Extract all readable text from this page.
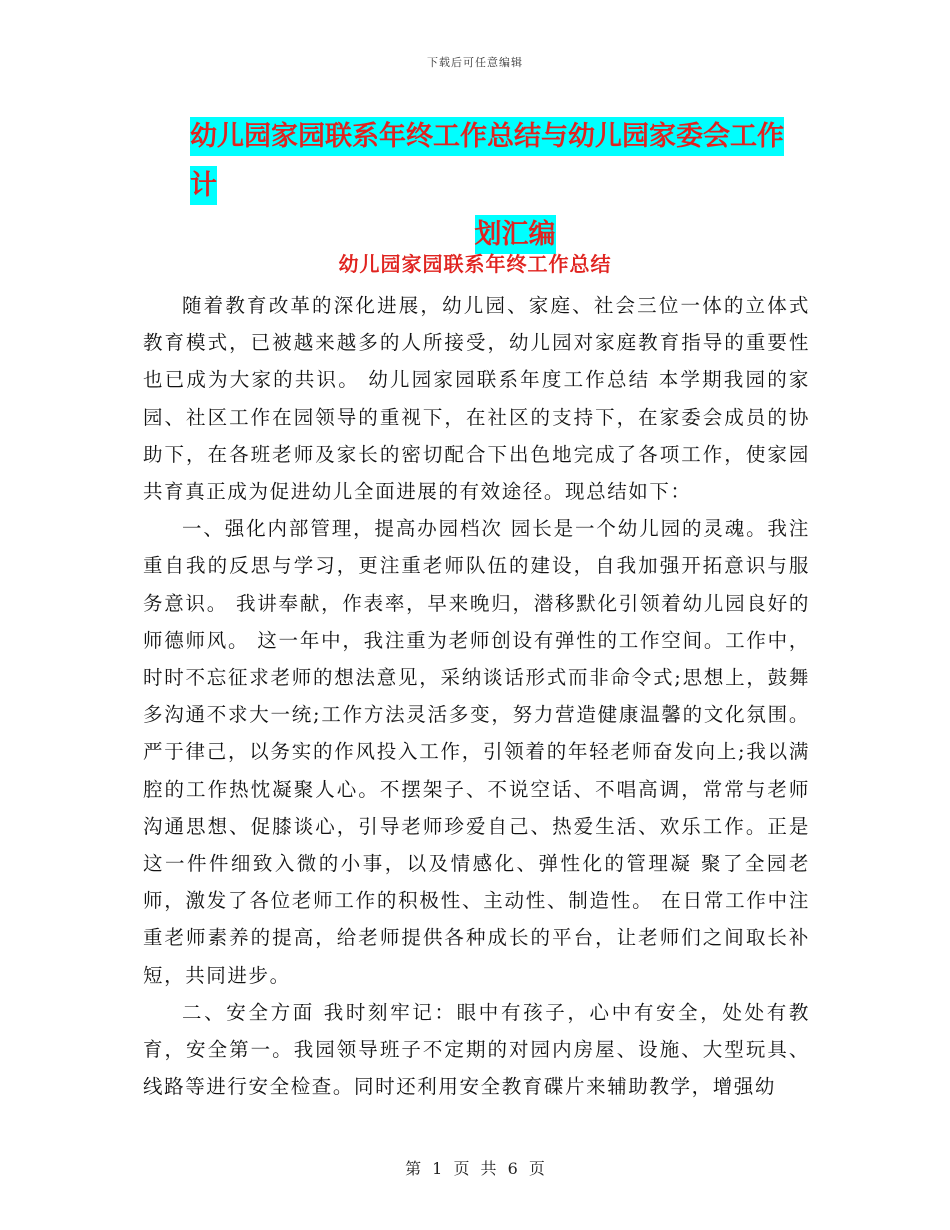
下载后可任意编辑
幼儿园家园联系年终工作总结与幼儿园家委会工作计
划汇编
幼儿园家园联系年终工作总结

随着教育改革的深化进展，幼儿园、家庭、社会三位一体的立体式教育模式，已被越来越多的人所接受，幼儿园对家庭教育指导的重要性也已成为大家的共识。 幼儿园家园联系年度工作总结 本学期我园的家园、社区工作在园领导的重视下，在社区的支持下，在家委会成员的协助下，在各班老师及家长的密切配合下出色地完成了各项工作，使家园共育真正成为促进幼儿全面进展的有效途径。现总结如下：

一、强化内部管理，提高办园档次 园长是一个幼儿园的灵魂。我注重自我的反思与学习，更注重老师队伍的建设，自我加强开拓意识与服务意识。 我讲奉献，作表率，早来晚归，潜移默化引领着幼儿园良好的师德师风。 这一年中，我注重为老师创设有弹性的工作空间。工作中，时时不忘征求老师的想法意见，采纳谈话形式而非命令式;思想上，鼓舞多沟通不求大一统;工作方法灵活多变，努力营造健康温馨的文化氛围。严于律己，以务实的作风投入工作，引领着的年轻老师奋发向上;我以满腔的工作热忱凝聚人心。不摆架子、不说空话、不唱高调，常常与老师沟通思想、促膝谈心，引导老师珍爱自己、热爱生活、欢乐工作。正是这一件件细致入微的小事，以及情感化、弹性化的管理凝 聚了全园老师，激发了各位老师工作的积极性、主动性、制造性。 在日常工作中注重老师素养的提高，给老师提供各种成长的平台，让老师们之间取长补短，共同进步。

二、安全方面 我时刻牢记：眼中有孩子，心中有安全，处处有教育，安全第一。我园领导班子不定期的对园内房屋、设施、大型玩具、线路等进行安全检查。同时还利用安全教育碟片来辅助教学，增强幼

第 1 页 共 6 页
